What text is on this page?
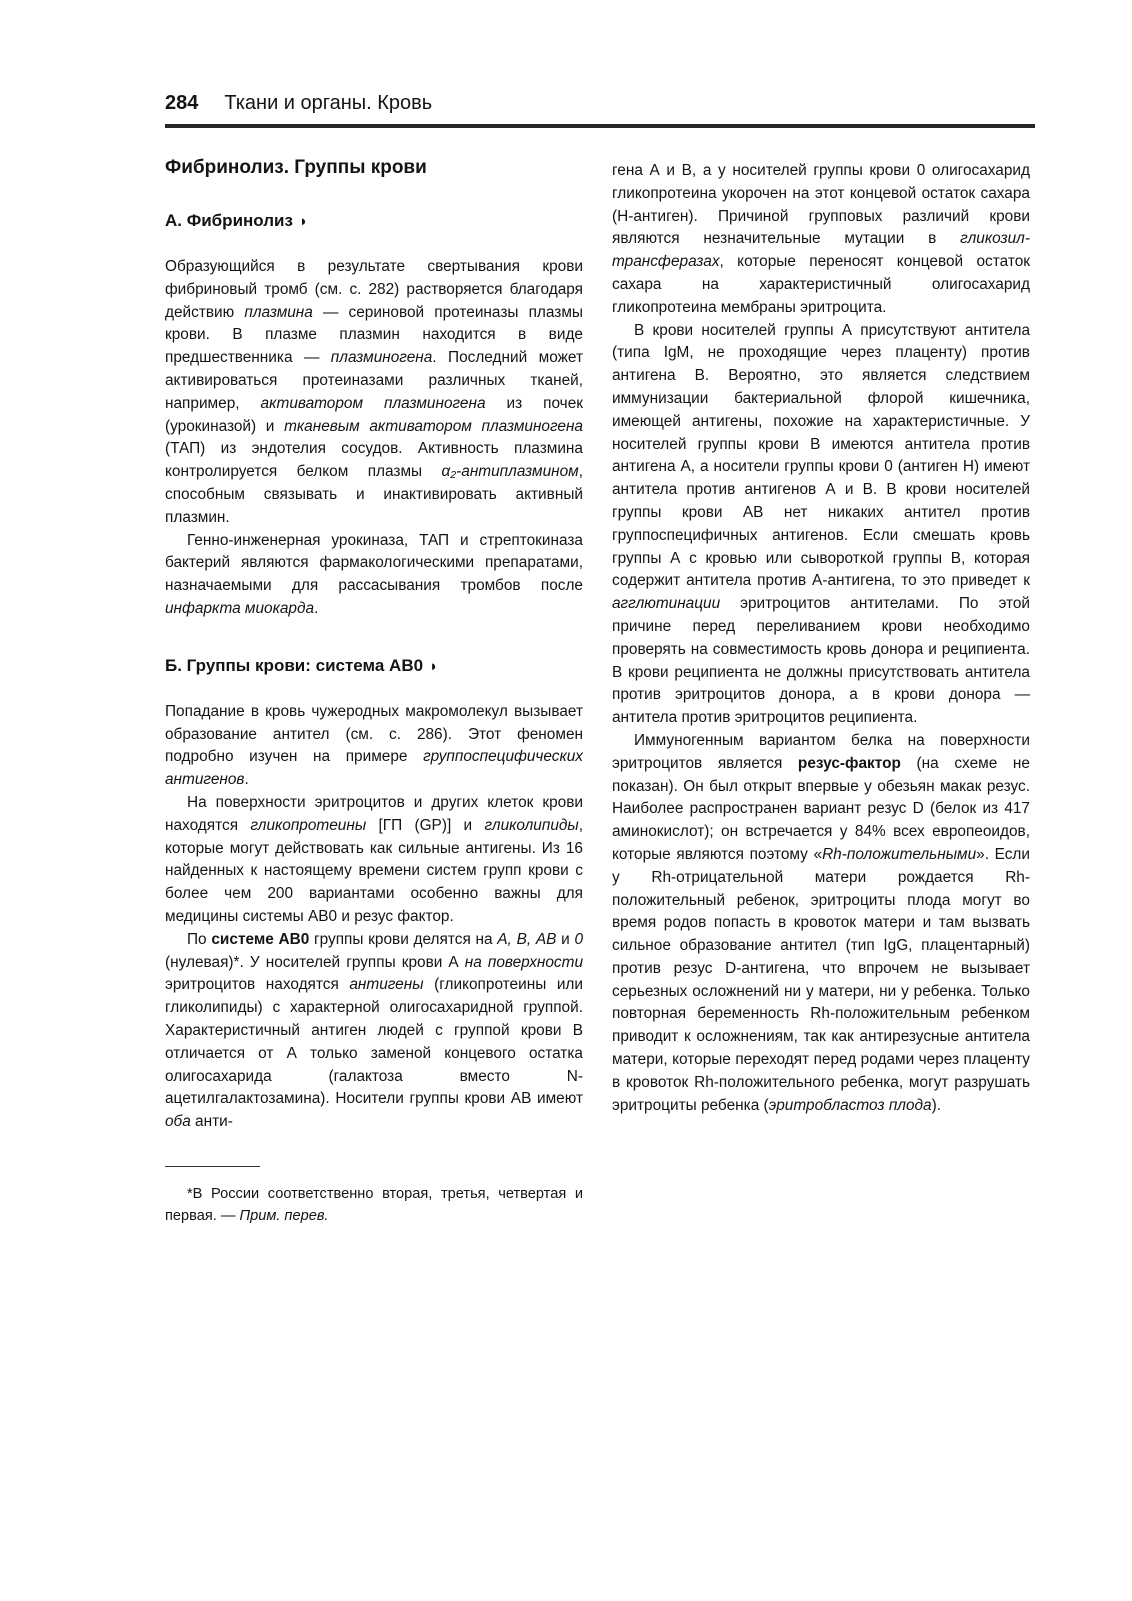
284 Ткани и органы. Кровь
Фибринолиз. Группы крови
А. Фибринолиз ◗

Образующийся в результате свертывания крови фибриновый тромб (см. с. 282) растворяется благодаря действию плазмина — сериновой протеиназы плазмы крови. В плазме плазмин находится в виде предшественника — плазминогена. Последний может активироваться протеиназами различных тканей, например, активатором плазминогена из почек (урокиназой) и тканевым активатором плазминогена (ТАП) из эндотелия сосудов. Активность плазмина контролируется белком плазмы α₂-антиплазмином, способным связывать и инактивировать активный плазмин.

Генно-инженерная урокиназа, ТАП и стрептокиназа бактерий являются фармакологическими препаратами, назначаемыми для рассасывания тромбов после инфаркта миокарда.

Б. Группы крови: система АВ0 ◗

Попадание в кровь чужеродных макромолекул вызывает образование антител (см. с. 286). Этот феномен подробно изучен на примере группоспецифических антигенов.

На поверхности эритроцитов и других клеток крови находятся гликопротеины [ГП (GP)] и гликолипиды, которые могут действовать как сильные антигены. Из 16 найденных к настоящему времени систем групп крови с более чем 200 вариантами особенно важны для медицины системы АВ0 и резус фактор.

По системе АВ0 группы крови делятся на А, В, АВ и 0 (нулевая)*. У носителей группы крови А на поверхности эритроцитов находятся антигены (гликопротеины или гликолипиды) с характерной олигосахаридной группой. Характеристичный антиген людей с группой крови В отличается от А только заменой концевого остатка олигосахарида (галактоза вместо N-ацетилгалактозамина). Носители группы крови АВ имеют оба анти-

*В России соответственно вторая, третья, четвертая и первая. — Прим. перев.

гена А и В, а у носителей группы крови 0 олигосахарид гликопротеина укорочен на этот концевой остаток сахара (Н-антиген). Причиной групповых различий крови являются незначительные мутации в гликозил-трансферазах, которые переносят концевой остаток сахара на характеристичный олигосахарид гликопротеина мембраны эритроцита.

В крови носителей группы А присутствуют антитела (типа IgM, не проходящие через плаценту) против антигена В. Вероятно, это является следствием иммунизации бактериальной флорой кишечника, имеющей антигены, похожие на характеристичные. У носителей группы крови В имеются антитела против антигена А, а носители группы крови 0 (антиген Н) имеют антитела против антигенов А и В. В крови носителей группы крови АВ нет никаких антител против группоспецифичных антигенов. Если смешать кровь группы А с кровью или сывороткой группы В, которая содержит антитела против А-антигена, то это приведет к агглютинации эритроцитов антителами. По этой причине перед переливанием крови необходимо проверять на совместимость кровь донора и реципиента. В крови реципиента не должны присутствовать антитела против эритроцитов донора, а в крови донора — антитела против эритроцитов реципиента.

Иммуногенным вариантом белка на поверхности эритроцитов является резус-фактор (на схеме не показан). Он был открыт впервые у обезьян макак резус. Наиболее распространен вариант резус D (белок из 417 аминокислот); он встречается у 84% всех европеоидов, которые являются поэтому «Rh-положительными». Если у Rh-отрицательной матери рождается Rh-положительный ребенок, эритроциты плода могут во время родов попасть в кровоток матери и там вызвать сильное образование антител (тип IgG, плацентарный) против резус D-антигена, что впрочем не вызывает серьезных осложнений ни у матери, ни у ребенка. Только повторная беременность Rh-положительным ребенком приводит к осложнениям, так как антирезусные антитела матери, которые переходят перед родами через плаценту в кровоток Rh-положительного ребенка, могут разрушать эритроциты ребенка (эритробластоз плода).
